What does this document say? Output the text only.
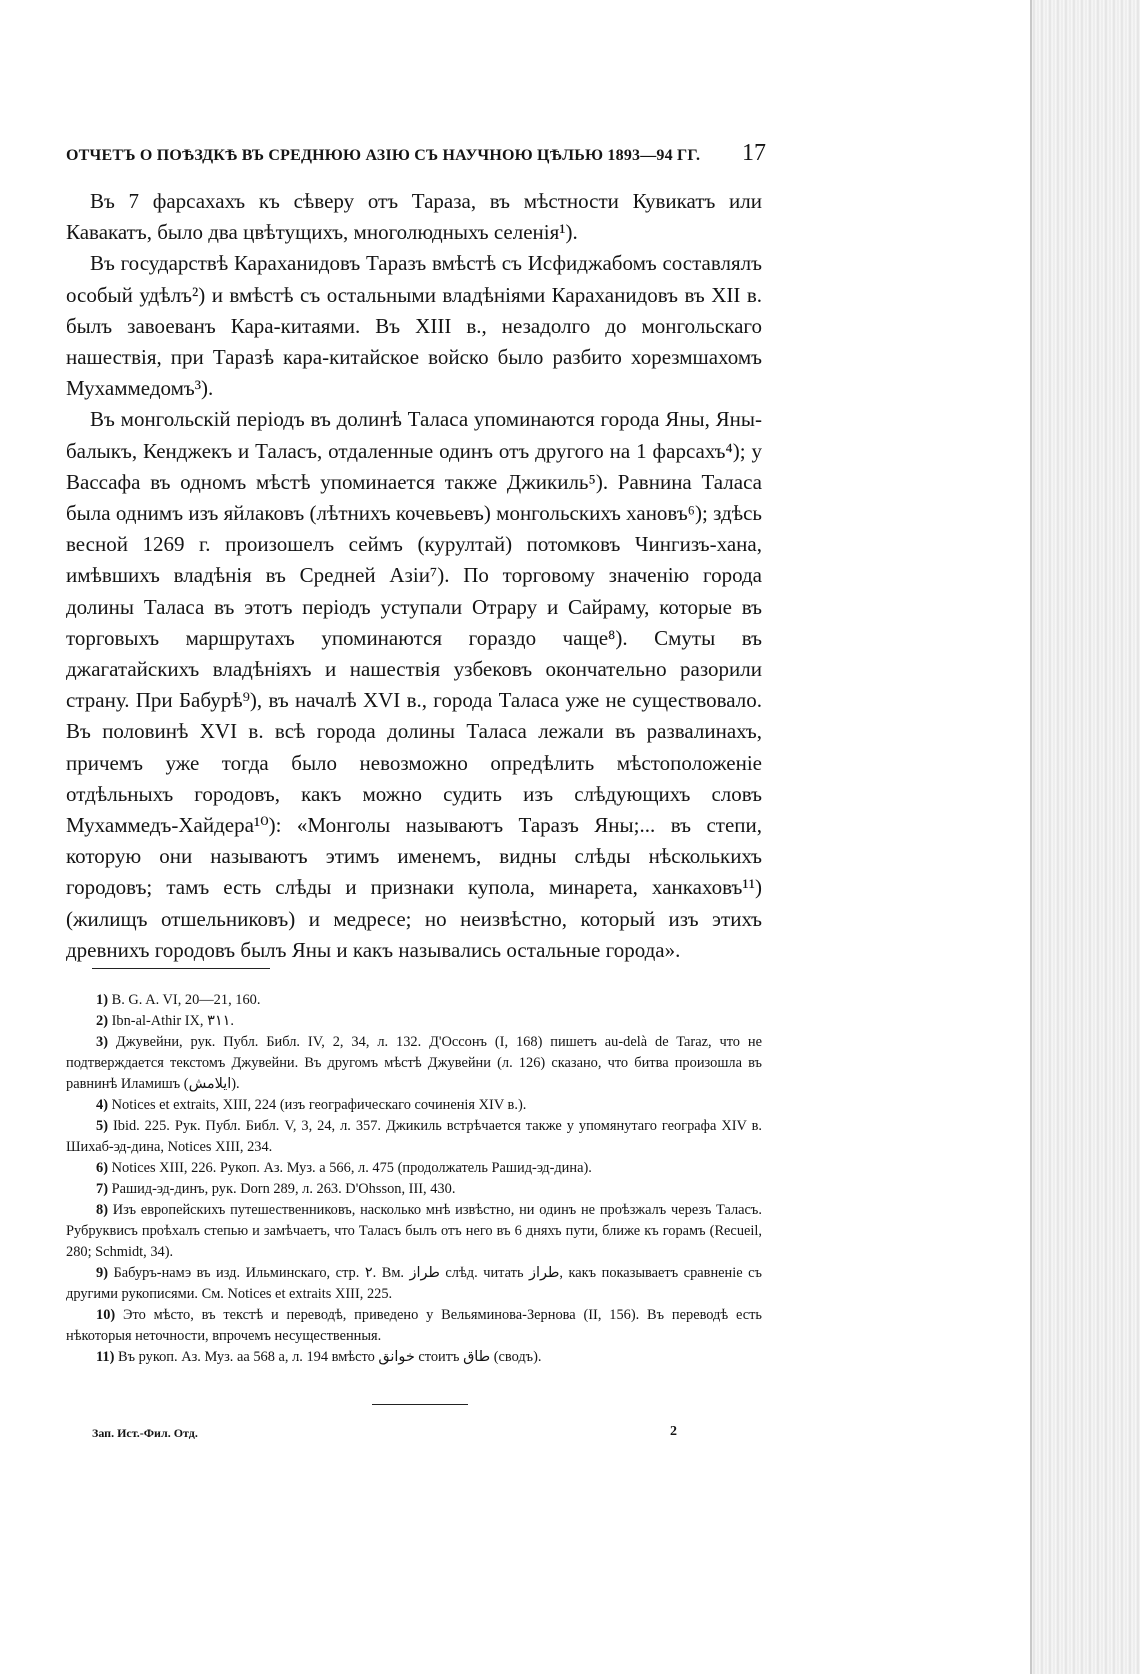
ОТЧЕТЪ О ПОѢЗДКѢ ВЪ СРЕДНЮЮ АЗІЮ СЪ НАУЧНОЮ ЦѢЛЬЮ 1893—94 ГГ. 17

Въ 7 фарсахахъ къ сѣверу отъ Тараза, въ мѣстности Кувикатъ или Кавакатъ, было два цвѣтущихъ, многолюдныхъ селенія¹).

Въ государствѣ Караханидовъ Таразъ вмѣстѣ съ Исфиджабомъ составлялъ особый удѣлъ²) и вмѣстѣ съ остальными владѣніями Караханидовъ въ XII в. былъ завоеванъ Кара-китаями. Въ XIII в., незадолго до монгольскаго нашествія, при Таразѣ кара-китайское войско было разбито хорезмшахомъ Мухаммедомъ³).

Въ монгольскій періодъ въ долинѣ Таласа упоминаются города Яны, Яны-балыкъ, Кенджекъ и Таласъ, отдаленные одинъ отъ другого на 1 фарсахъ⁴); у Вассафа въ одномъ мѣстѣ упоминается также Джикиль⁵). Равнина Таласа была однимъ изъ яйлаковъ (лѣтнихъ кочевьевъ) монгольскихъ хановъ⁶); здѣсь весной 1269 г. произошелъ сеймъ (курултай) потомковъ Чингизъ-хана, имѣвшихъ владѣнія въ Средней Азіи⁷). По торговому значенію города долины Таласа въ этотъ періодъ уступали Отрару и Сайраму, которые въ торговыхъ маршрутахъ упоминаются гораздо чаще⁸). Смуты въ джагатайскихъ владѣніяхъ и нашествія узбековъ окончательно разорили страну. При Бабурѣ⁹), въ началѣ XVI в., города Таласа уже не существовало. Въ половинѣ XVI в. всѣ города долины Таласа лежали въ развалинахъ, причемъ уже тогда было невозможно опредѣлить мѣстоположеніе отдѣльныхъ городовъ, какъ можно судить изъ слѣдующихъ словъ Мухаммедъ-Хайдера¹⁰): «Монголы называютъ Таразъ Яны;... въ степи, которую они называютъ этимъ именемъ, видны слѣды нѣсколькихъ городовъ; тамъ есть слѣды и признаки купола, минарета, ханкаховъ¹¹) (жилищъ отшельниковъ) и медресе; но неизвѣстно, который изъ этихъ древнихъ городовъ былъ Яны и какъ назывались остальные города».

1) B. G. A. VI, 20—21, 160.

2) Ibn-al-Athir IX, ٣١١.

3) Джувейни, рук. Публ. Библ. IV, 2, 34, л. 132. Д'Оссонъ (I, 168) пишетъ au-delà de Taraz, что не подтверждается текстомъ Джувейни. Въ другомъ мѣстѣ Джувейни (л. 126) сказано, что битва произошла въ равнинѣ Иламишъ (ايلامش).

4) Notices et extraits, XIII, 224 (изъ географическаго сочиненія XIV в.).

5) Ibid. 225. Рук. Публ. Библ. V, 3, 24, л. 357. Джикиль встрѣчается также у упомянутаго географа XIV в. Шихаб-эд-дина, Notices XIII, 234.

6) Notices XIII, 226. Рукоп. Аз. Муз. а 566, л. 475 (продолжатель Рашид-эд-дина).

7) Рашид-эд-динъ, рук. Dorn 289, л. 263. D'Ohsson, III, 430.

8) Изъ европейскихъ путешественниковъ, насколько мнѣ извѣстно, ни одинъ не проѣзжалъ черезъ Таласъ. Рубруквисъ проѣхалъ степью и замѣчаетъ, что Таласъ былъ отъ него въ 6 дняхъ пути, ближе къ горамъ (Recueil, 280; Schmidt, 34).

9) Бабуръ-намэ въ изд. Ильминскаго, стр. ٢. Вм. طراز слѣд. читать طراز, какъ показываетъ сравненіе съ другими рукописями. См. Notices et extraits XIII, 225.

10) Это мѣсто, въ текстѣ и переводѣ, приведено у Вельяминова-Зернова (II, 156). Въ переводѣ есть нѣкоторыя неточности, впрочемъ несущественныя.

11) Въ рукоп. Аз. Муз. аа 568 а, л. 194 вмѣсто خوانق стоитъ طاق (сводъ).

Зап. Ист.-Фил. Отд.	2
